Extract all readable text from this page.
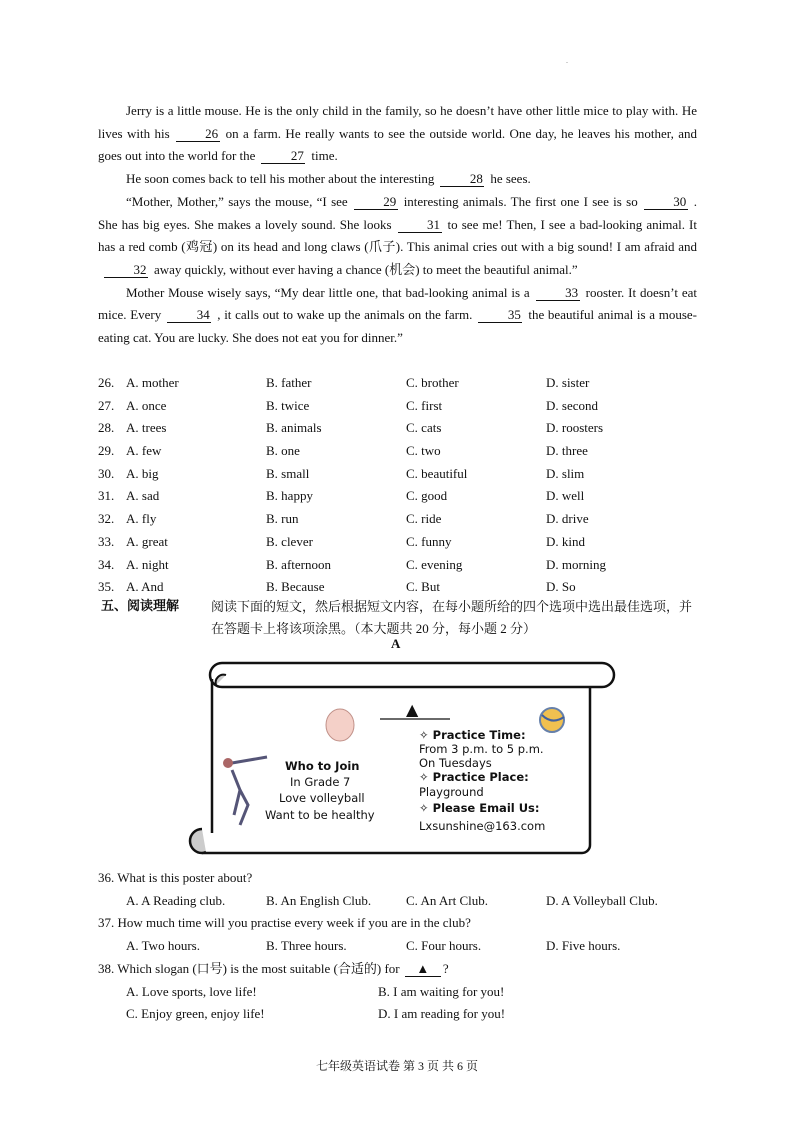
.

Jerry is a little mouse. He is the only child in the family, so he doesn’t have other little mice to play with. He lives with his	26 on a farm. He really wants to see the outside world. One day, he leaves his mother, and goes out into the world for the	27 time.

He soon comes back to tell his mother about the interesting	28 he sees.

“Mother, Mother,” says the mouse, “I see	29 interesting animals. The first one I see is so	30 . She has big eyes. She makes a lovely sound. She looks	31 to see me! Then, I see a bad-looking animal. It has a red comb (鸡冠) on its head and long claws (爪子). This animal cries out with a big sound! I am afraid and32 away quickly, without ever having a chance (机会) to meet the beautiful animal.”

Mother Mouse wisely says, “My dear little one, that bad-looking animal is a	33 rooster. It doesn’t eat mice. Every	34 , it calls out to wake up the animals on the farm.	35 the beautiful animal is a mouse-eating cat. You are lucky. She does not eat you for dinner.”

26. A. mother	B. father	C. brother	D. sister
27. A. once	B. twice	C. first	D. second
28. A. trees	B. animals	C. cats	D. roosters
29. A. few	B. one	C. two	D. three
30. A. big	B. small	C. beautiful	D. slim
31. A. sad	B. happy	C. good	D. well
32. A. fly	B. run	C. ride	D. drive
33. A. great	B. clever	C. funny	D. kind
34. A. night	B. afternoon	C. evening	D. morning
35. A. And	B. Because	C. But	D. So
五、阅读理解 阅读下面的短文，然后根据短文内容，在每小题所给的四个选项中选出最佳选项，并在答题卡上将该项涂黑。（本大题共 20 分，每小题 2 分）
A
▲
Who to Join
In Grade 7
Love volleyball
Want to be healthy
✧ Practice Time:
From 3 p.m. to 5 p.m.
On Tuesdays
✧ Practice Place:
Playground
✧ Please Email Us:
Lxsunshine@163.com
36. What is this poster about?
A. A Reading club.	B. An English Club.	C. An Art Club.	D. A Volleyball Club.
37. How much time will you practise every week if you are in the club?
A. Two hours.	B. Three hours.	C. Four hours.	D. Five hours.
38. Which slogan (口号) is the most suitable (合适的) for ▲ ?
A. Love sports, love life!	B. I am waiting for you!
C. Enjoy green, enjoy life!	D. I am reading for you!
七年级英语试卷 第 3 页 共 6 页
